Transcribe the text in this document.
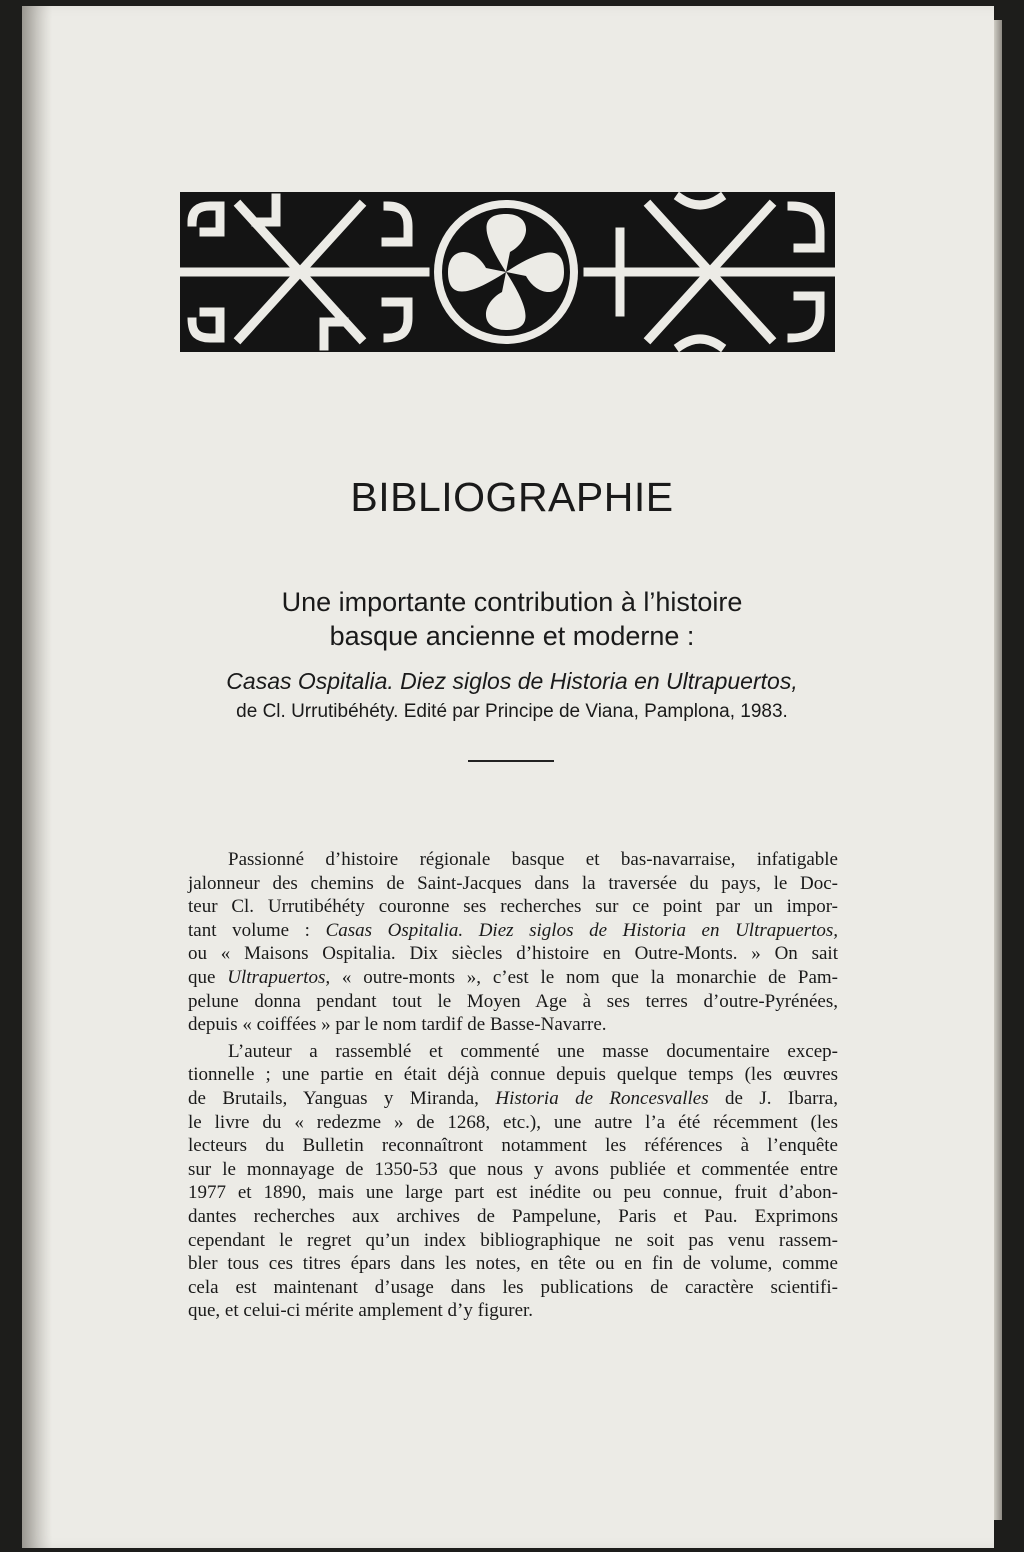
BIBLIOGRAPHIE
Une importante contribution à l’histoire
basque ancienne et moderne :
Casas Ospitalia. Diez siglos de Historia en Ultrapuertos,
de Cl. Urrutibéhéty. Edité par Principe de Viana, Pamplona, 1983.

Passionné d’histoire régionale basque et bas-navarraise, infatigable
jalonneur des chemins de Saint-Jacques dans la traversée du pays, le Doc-
teur Cl. Urrutibéhéty couronne ses recherches sur ce point par un impor-
tant volume : Casas Ospitalia. Diez siglos de Historia en Ultrapuertos,
ou « Maisons Ospitalia. Dix siècles d’histoire en Outre-Monts. » On sait
que Ultrapuertos, « outre-monts », c’est le nom que la monarchie de Pam-
pelune donna pendant tout le Moyen Age à ses terres d’outre-Pyrénées,
depuis « coiffées » par le nom tardif de Basse-Navarre.

L’auteur a rassemblé et commenté une masse documentaire excep-
tionnelle ; une partie en était déjà connue depuis quelque temps (les œuvres
de Brutails, Yanguas y Miranda, Historia de Roncesvalles de J. Ibarra,
le livre du « redezme » de 1268, etc.), une autre l’a été récemment (les
lecteurs du Bulletin reconnaîtront notamment les références à l’enquête
sur le monnayage de 1350-53 que nous y avons publiée et commentée entre
1977 et 1890, mais une large part est inédite ou peu connue, fruit d’abon-
dantes recherches aux archives de Pampelune, Paris et Pau. Exprimons
cependant le regret qu’un index bibliographique ne soit pas venu rassem-
bler tous ces titres épars dans les notes, en tête ou en fin de volume, comme
cela est maintenant d’usage dans les publications de caractère scientifi-
que, et celui-ci mérite amplement d’y figurer.
